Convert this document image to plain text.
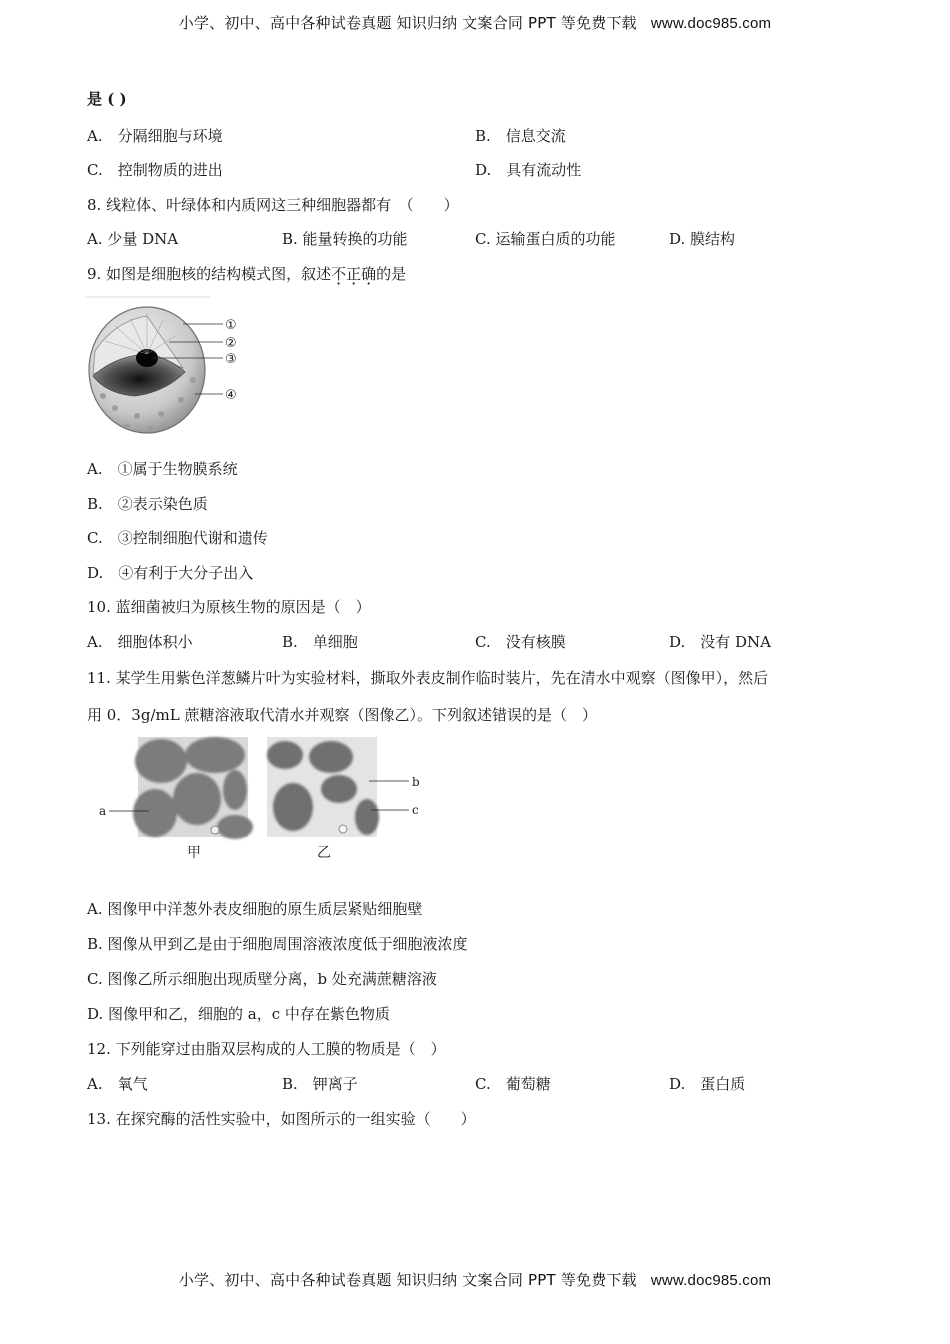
小学、初中、高中各种试卷真题 知识归纳 文案合同 PPT 等免费下载 www.doc985.com
是 ( )
A.　分隔细胞与环境	B.　信息交流
C.　控制物质的进出	D.　具有流动性
8. 线粒体、叶绿体和内质网这三种细胞器都有　（　　）
A. 少量 DNA	B. 能量转换的功能	C. 运输蛋白质的功能	D. 膜结构
9. 如图是细胞核的结构模式图，叙述不正确的是
①
②
③
④
A.　①属于生物膜系统
B.　②表示染色质
C.　③控制细胞代谢和遗传
D.　④有利于大分子出入
10. 蓝细菌被归为原核生物的原因是（　）
A.　细胞体积小	B.　单细胞	C.　没有核膜	D.　没有 DNA
11. 某学生用紫色洋葱鳞片叶为实验材料，撕取外表皮制作临时装片，先在清水中观察（图像甲），然后
用 0．3g/mL 蔗糖溶液取代清水并观察（图像乙）。下列叙述错误的是（　）
a
b
c
甲	乙
A. 图像甲中洋葱外表皮细胞的原生质层紧贴细胞壁
B. 图像从甲到乙是由于细胞周围溶液浓度低于细胞液浓度
C. 图像乙所示细胞出现质壁分离，b 处充满蔗糖溶液
D. 图像甲和乙，细胞的 a，c 中存在紫色物质
12. 下列能穿过由脂双层构成的人工膜的物质是（　）
A.　氧气	B.　钾离子	C.　葡萄糖	D.　蛋白质
13. 在探究酶的活性实验中，如图所示的一组实验（　　）
小学、初中、高中各种试卷真题 知识归纳 文案合同 PPT 等免费下载 www.doc985.com
